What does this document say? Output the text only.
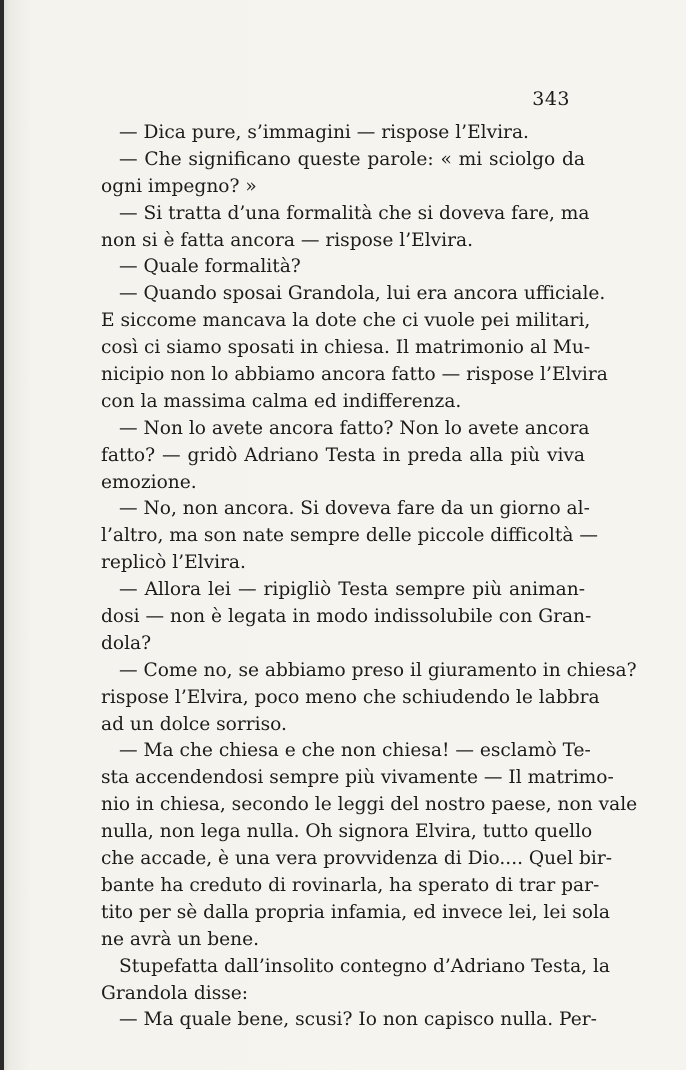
343
— Dica pure, s’immagini — rispose l’Elvira.
— Che significano queste parole: « mi sciolgo da
ogni impegno? »
— Si tratta d’una formalità che si doveva fare, ma
non si è fatta ancora — rispose l’Elvira.
— Quale formalità?
— Quando sposai Grandola, lui era ancora ufficiale.
E siccome mancava la dote che ci vuole pei militari,
così ci siamo sposati in chiesa. Il matrimonio al Mu-
nicipio non lo abbiamo ancora fatto — rispose l’Elvira
con la massima calma ed indifferenza.
— Non lo avete ancora fatto? Non lo avete ancora
fatto? — gridò Adriano Testa in preda alla più viva
emozione.
— No, non ancora. Si doveva fare da un giorno al-
l’altro, ma son nate sempre delle piccole difficoltà —
replicò l’Elvira.
— Allora lei — ripigliò Testa sempre più animan-
dosi — non è legata in modo indissolubile con Gran-
dola?
— Come no, se abbiamo preso il giuramento in chiesa?
rispose l’Elvira, poco meno che schiudendo le labbra
ad un dolce sorriso.
— Ma che chiesa e che non chiesa! — esclamò Te-
sta accendendosi sempre più vivamente — Il matrimo-
nio in chiesa, secondo le leggi del nostro paese, non vale
nulla, non lega nulla. Oh signora Elvira, tutto quello
che accade, è una vera provvidenza di Dio.... Quel bir-
bante ha creduto di rovinarla, ha sperato di trar par-
tito per sè dalla propria infamia, ed invece lei, lei sola
ne avrà un bene.
Stupefatta dall’insolito contegno d’Adriano Testa, la
Grandola disse:
— Ma quale bene, scusi? Io non capisco nulla. Per-
